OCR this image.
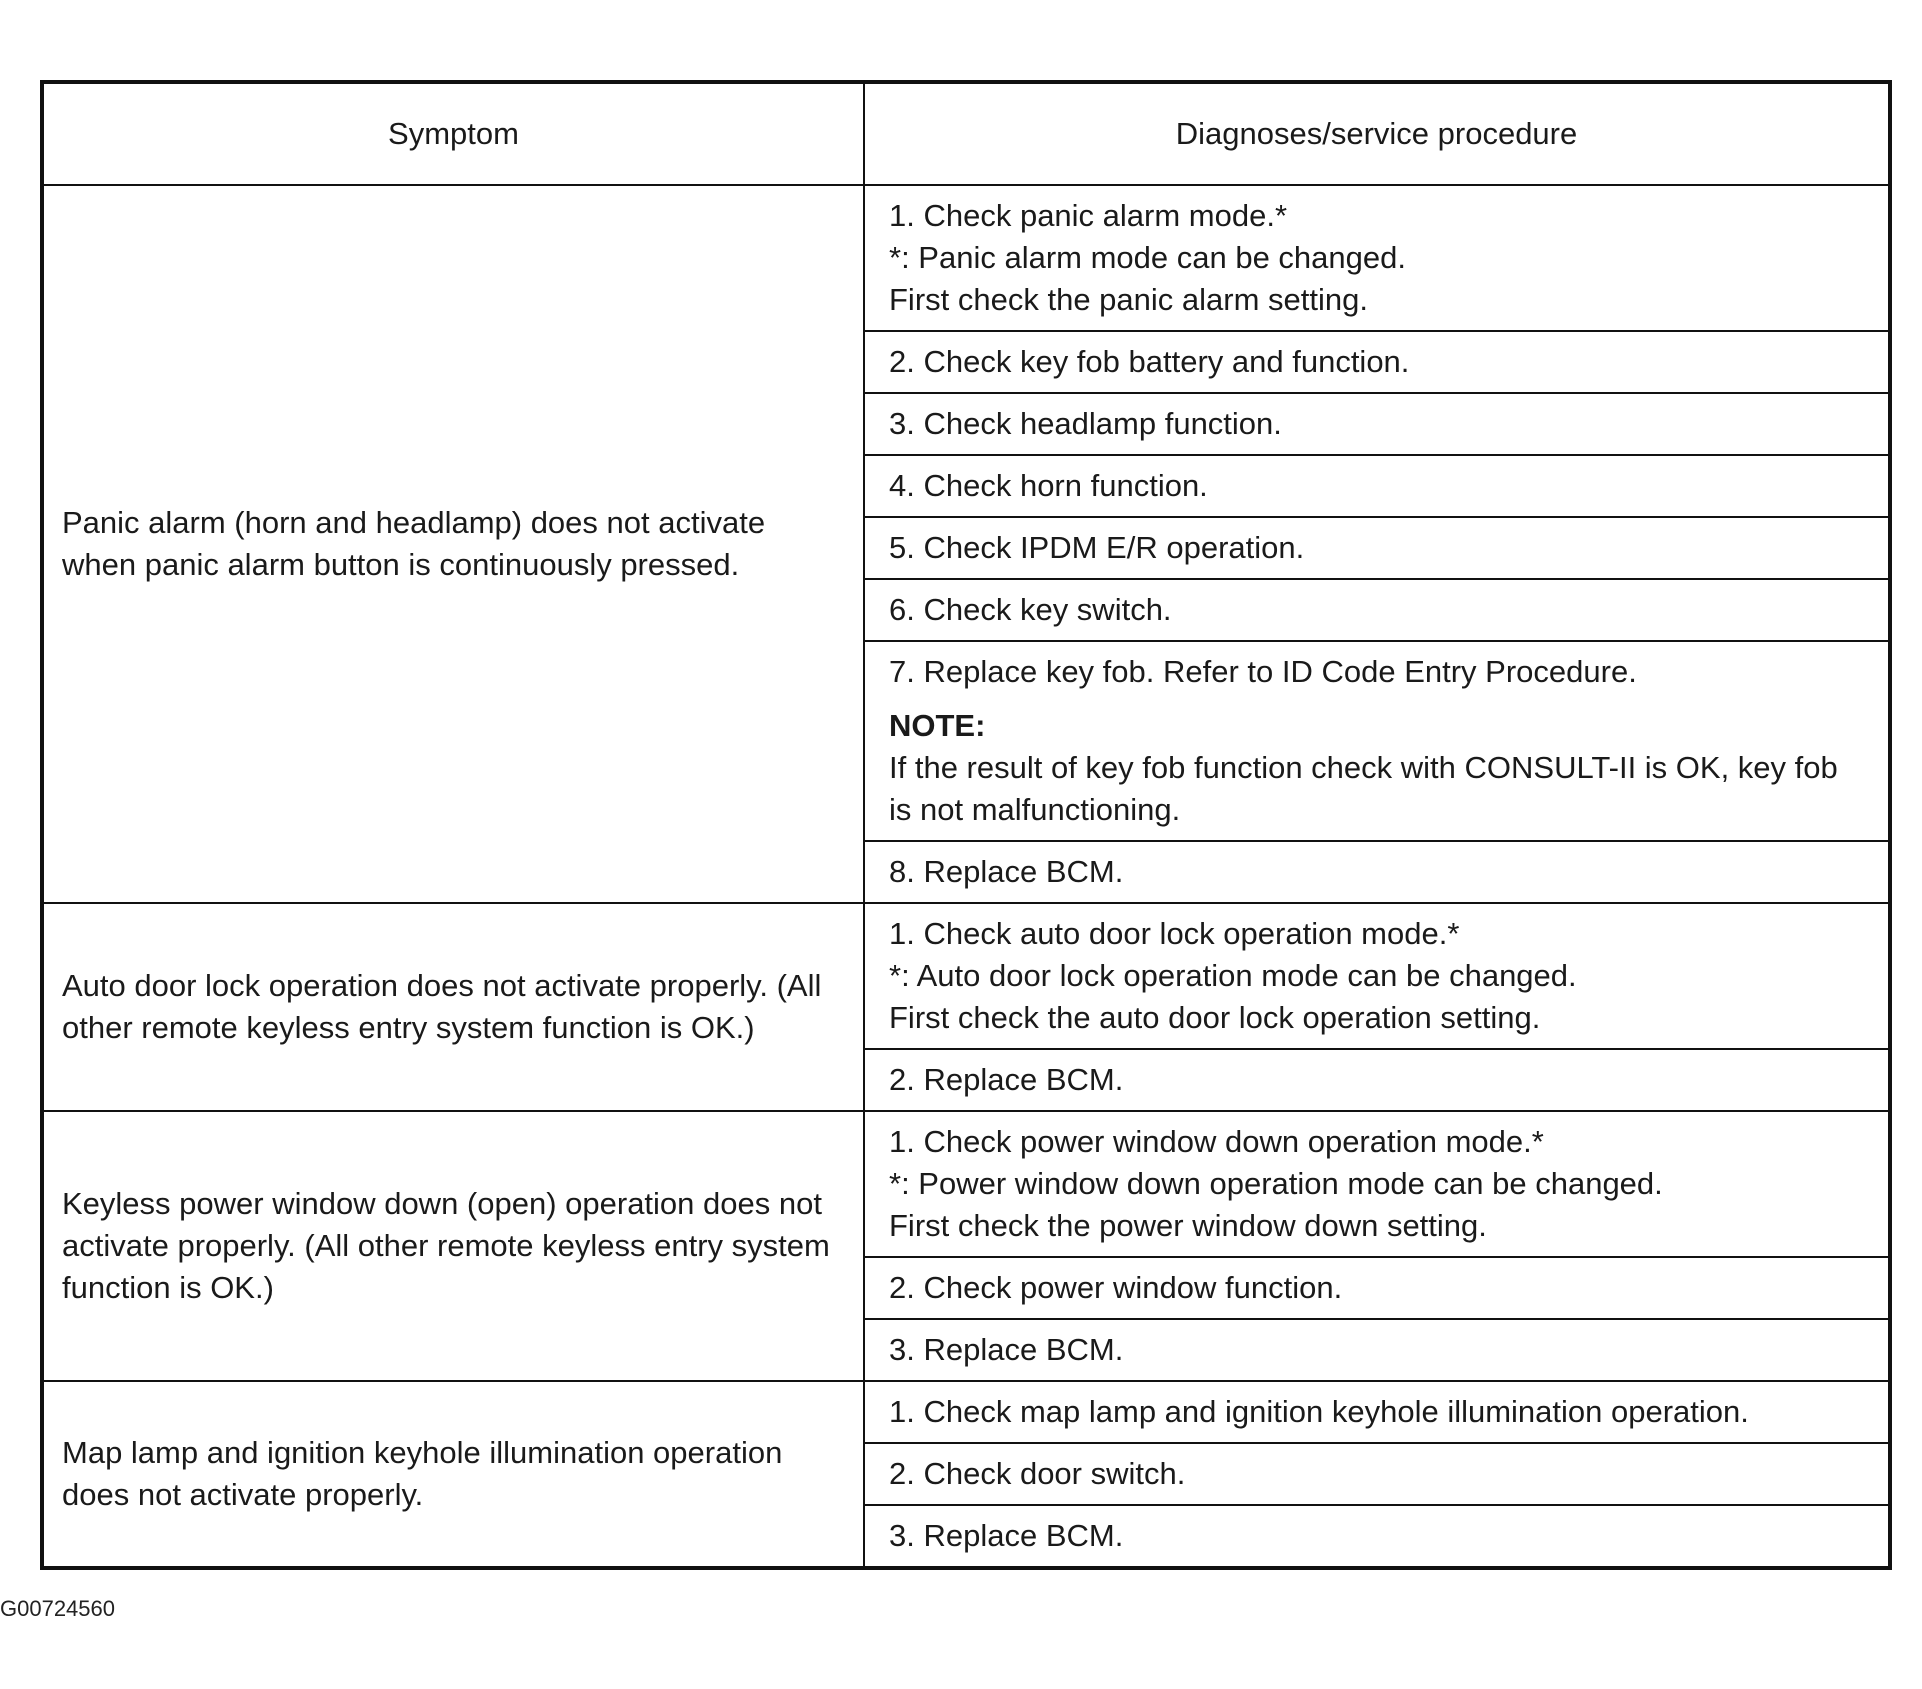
Symptom	Diagnoses/service procedure
Panic alarm (horn and headlamp) does not activate when panic alarm button is continuously pressed.	1. Check panic alarm mode.*
*: Panic alarm mode can be changed.
First check the panic alarm setting.

	2. Check key fob battery and function.

	3. Check headlamp function.

	4. Check horn function.

	5. Check IPDM E/R operation.

	6. Check key switch.

	7. Replace key fob. Refer to ID Code Entry Procedure.
NOTE:
If the result of key fob function check with CONSULT-II is OK, key fob is not malfunctioning.

	8. Replace BCM.

Auto door lock operation does not activate properly. (All other remote keyless entry system function is OK.)	1. Check auto door lock operation mode.*
*: Auto door lock operation mode can be changed.
First check the auto door lock operation setting.

	2. Replace BCM.

Keyless power window down (open) operation does not activate properly. (All other remote keyless entry system function is OK.)	1. Check power window down operation mode.*
*: Power window down operation mode can be changed.
First check the power window down setting.

	2. Check power window function.

	3. Replace BCM.

Map lamp and ignition keyhole illumination operation does not activate properly.	1. Check map lamp and ignition keyhole illumination operation.

	2. Check door switch.

	3. Replace BCM.
G00724560
